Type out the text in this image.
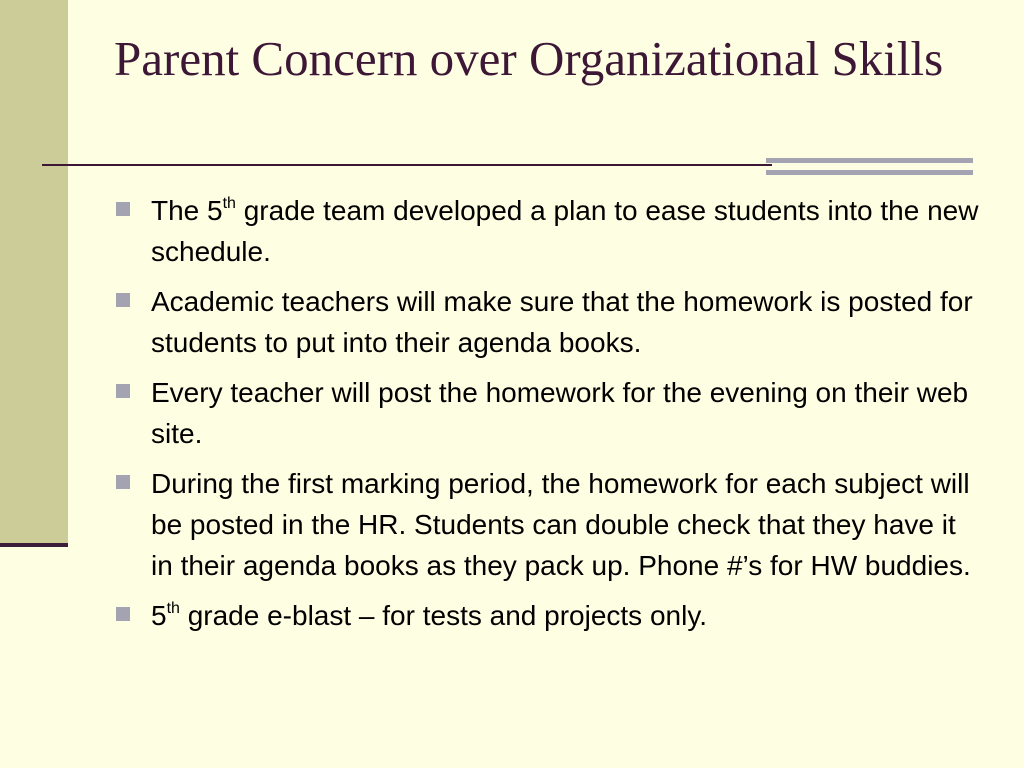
Parent Concern over Organizational Skills
The 5th grade team developed a plan to ease students into the new schedule.
Academic teachers will make sure that the homework is posted for students to put into their agenda books.
Every teacher will post the homework for the evening on their web site.
During the first marking period, the homework for each subject will be posted in the HR. Students can double check that they have it in their agenda books as they pack up. Phone #’s for HW buddies.
5th grade e-blast – for tests and projects only.
